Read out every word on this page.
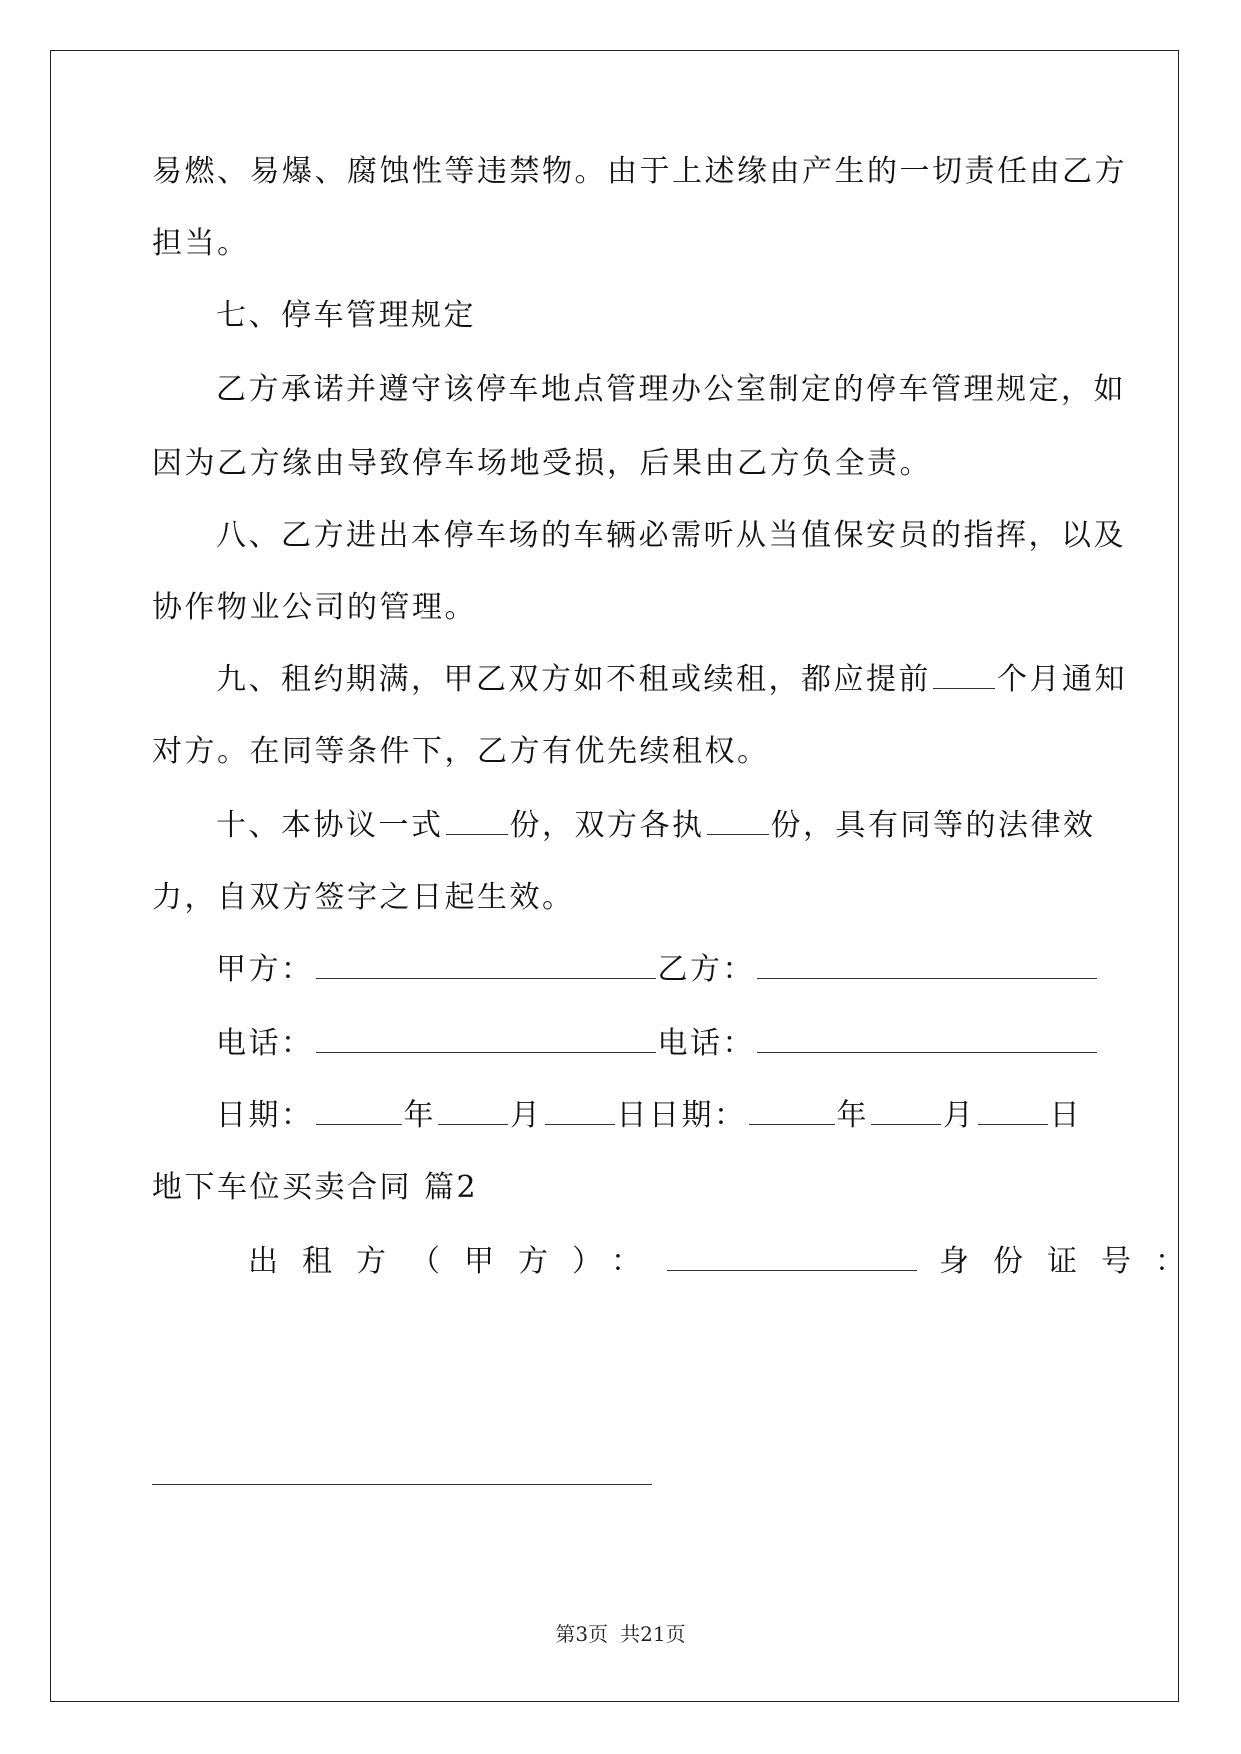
易燃、易爆、腐蚀性等违禁物。由于上述缘由产生的一切责任由乙方
担当。
七、停车管理规定
乙方承诺并遵守该停车地点管理办公室制定的停车管理规定，如
因为乙方缘由导致停车场地受损，后果由乙方负全责。
八、乙方进出本停车场的车辆必需听从当值保安员的指挥，以及
协作物业公司的管理。
九、租约期满，甲乙双方如不租或续租，都应提前 个月通知
对方。在同等条件下，乙方有优先续租权。
十、本协议一式 份，双方各执 份，具有同等的法律效
力，自双方签字之日起生效。
甲方：	乙方：
电话：	电话：
日期：	年 月 日日期：	年 月 日
地下车位买卖合同 篇2
出租方（甲方）：	身份证号：
第3页 共21页
